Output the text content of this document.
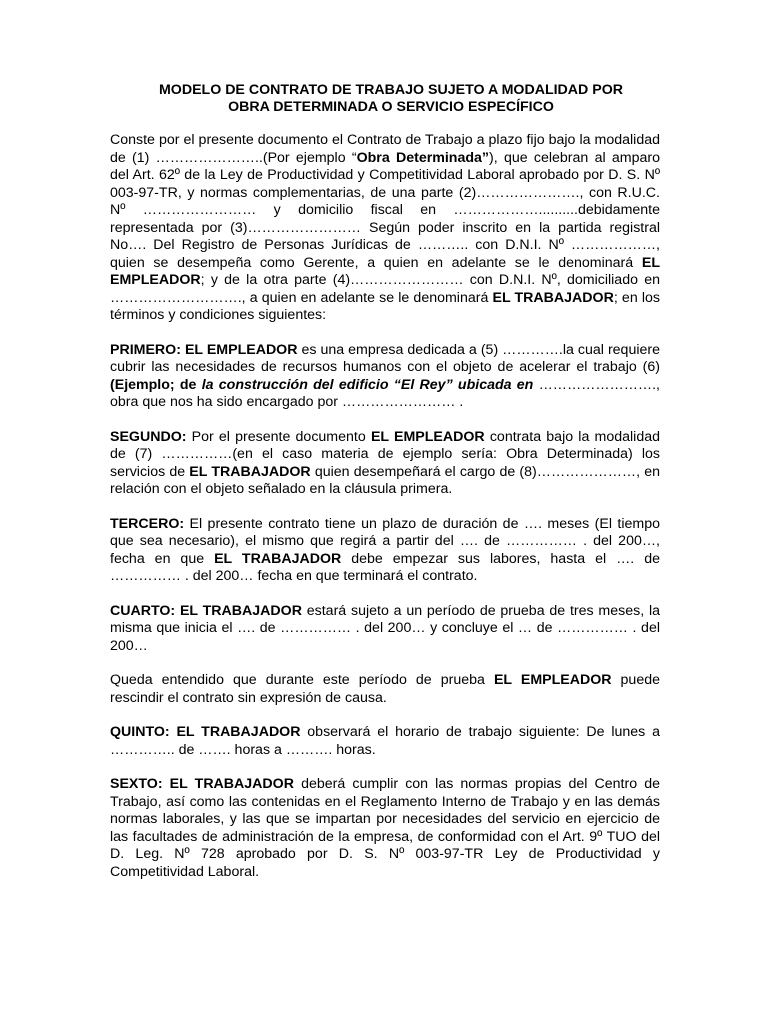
MODELO DE CONTRATO DE TRABAJO SUJETO A MODALIDAD POR
OBRA DETERMINADA O SERVICIO ESPECÍFICO

Conste por el presente documento el Contrato de Trabajo a plazo fijo bajo la modalidad de (1) …………………..(Por ejemplo “Obra Determinada”), que celebran al amparo del Art. 62º de la Ley de Productividad y Competitividad Laboral aprobado por D. S. Nº 003-97-TR, y normas complementarias, de una parte (2)…………………., con R.U.C. Nº …………………… y domicilio fiscal en ………………..........debidamente representada por (3)…………………… Según poder inscrito en la partida registral No…. Del Registro de Personas Jurídicas de ……….. con D.N.I. Nº ………………, quien se desempeña como Gerente, a quien en adelante se le denominará EL EMPLEADOR; y de la otra parte (4)…………………… con D.N.I. Nº, domiciliado en ………………………., a quien en adelante se le denominará EL TRABAJADOR; en los términos y condiciones siguientes:

PRIMERO: EL EMPLEADOR es una empresa dedicada a (5) ………….la cual requiere cubrir las necesidades de recursos humanos con el objeto de acelerar el trabajo (6) (Ejemplo; de la construcción del edificio “El Rey” ubicada en ……………………., obra que nos ha sido encargado por …………………… .

SEGUNDO: Por el presente documento EL EMPLEADOR contrata bajo la modalidad de (7) ……………(en el caso materia de ejemplo sería: Obra Determinada) los servicios de EL TRABAJADOR quien desempeñará el cargo de (8)…………………, en relación con el objeto señalado en la cláusula primera.

TERCERO: El presente contrato tiene un plazo de duración de …. meses (El tiempo que sea necesario), el mismo que regirá a partir del …. de …………… . del 200…, fecha en que EL TRABAJADOR debe empezar sus labores, hasta el …. de …………… . del 200… fecha en que terminará el contrato.

CUARTO: EL TRABAJADOR estará sujeto a un período de prueba de tres meses, la misma que inicia el …. de …………… . del 200… y concluye el … de …………… . del 200…

Queda entendido que durante este período de prueba EL EMPLEADOR puede rescindir el contrato sin expresión de causa.

QUINTO: EL TRABAJADOR observará el horario de trabajo siguiente: De lunes a ………….. de ……. horas a ………. horas.

SEXTO: EL TRABAJADOR deberá cumplir con las normas propias del Centro de Trabajo, así como las contenidas en el Reglamento Interno de Trabajo y en las demás normas laborales, y las que se impartan por necesidades del servicio en ejercicio de las facultades de administración de la empresa, de conformidad con el Art. 9º TUO del D. Leg. Nº 728 aprobado por D. S. Nº 003-97-TR Ley de Productividad y Competitividad Laboral.
